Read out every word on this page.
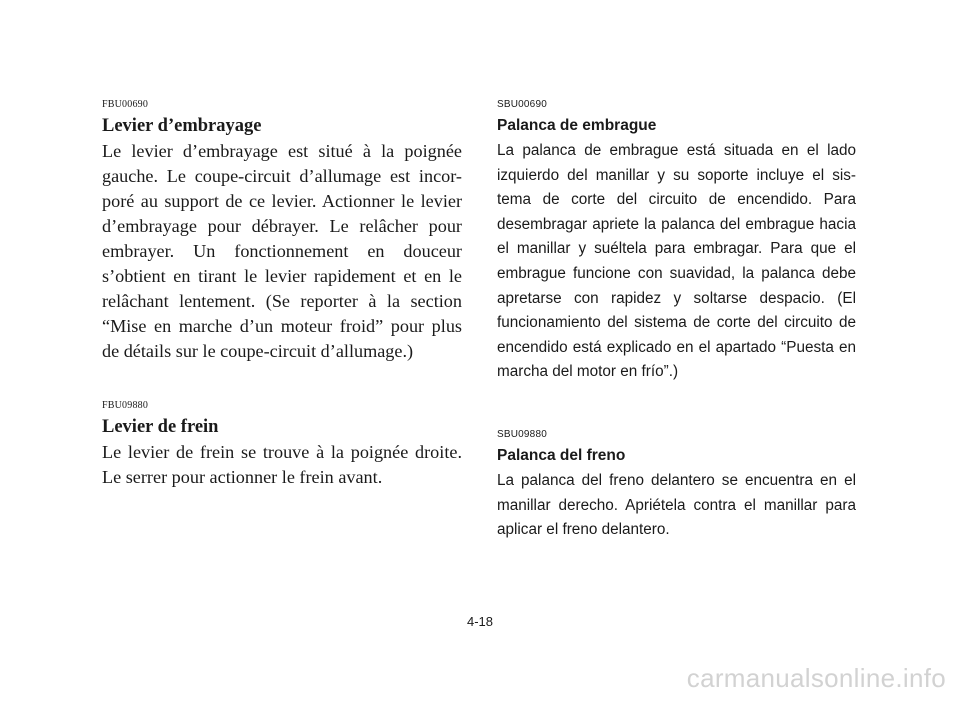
FBU00690

Levier d’embrayage

Le levier d’embrayage est situé à la poignée gauche. Le coupe-circuit d’allumage est incor-poré au support de ce levier. Actionner le levier d’embrayage pour débrayer. Le relâcher pour embrayer. Un fonctionnement en douceur s’obtient en tirant le levier rapidement et en le relâchant lentement. (Se reporter à la section “Mise en marche d’un moteur froid” pour plus de détails sur le coupe-circuit d’allumage.)

FBU09880

Levier de frein

Le levier de frein se trouve à la poignée droite. Le serrer pour actionner le frein avant.

SBU00690

Palanca de embrague

La palanca de embrague está situada en el lado izquierdo del manillar y su soporte incluye el sis-tema de corte del circuito de encendido. Para desembragar apriete la palanca del embrague hacia el manillar y suéltela para embragar. Para que el embrague funcione con suavidad, la palanca debe apretarse con rapidez y soltarse despacio. (El funcionamiento del sistema de corte del circuito de encendido está explicado en el apartado “Puesta en marcha del motor en frío”.)

SBU09880

Palanca del freno

La palanca del freno delantero se encuentra en el manillar derecho. Apriétela contra el manillar para aplicar el freno delantero.

4-18
carmanualsonline.info
